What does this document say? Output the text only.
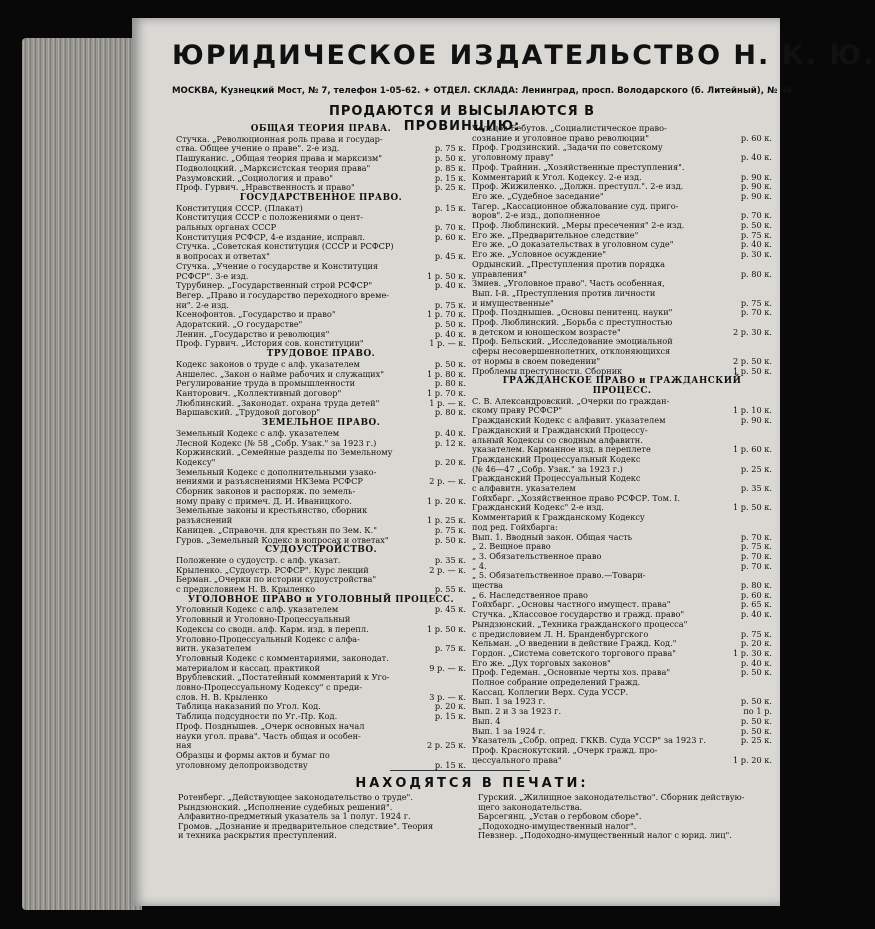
ЮРИДИЧЕСКОЕ ИЗДАТЕЛЬСТВО Н. К. Ю.
МОСКВА, Кузнецкий Мост, № 7, телефон 1-05-62. ✦ ОТДЕЛ. СКЛАДА: Ленинград, просп. Володарского (б. Литейный), № 44.
ПРОДАЮТСЯ И ВЫСЫЛАЮТСЯ В ПРОВИНЦИЮ:
ОБЩАЯ ТЕОРИЯ ПРАВА.
Стучка. „Революционная роль права и государ-
ства. Общее учение о праве". 2-е изд.	р. 75 к.
Пашуканис. „Общая теория права и марксизм"	р. 50 к.
Подволоцкий. „Марксистская теория права"	р. 85 к.
Разумовский. „Социология и право"	р. 15 к.
Проф. Гурвич. „Нравственность и право"	р. 25 к.
ГОСУДАРСТВЕННОЕ ПРАВО.
Конституция СССР. (Плакат)	р. 15 к.
Конституция СССР с положениями о цент-
ральных органах СССР	р. 70 к.
Конституция РСФСР, 4-е издание, исправл.	р. 60 к.
Стучка. „Советская конституция (СССР и РСФСР)
в вопросах и ответах"	р. 45 к.
Стучка. „Учение о государстве и Конституция
РСФСР". 3-е изд.	1 р. 50 к.
Турубинер. „Государственный строй РСФСР"	р. 40 к.
Вегер. „Право и государство переходного време-
ни". 2-е изд.	р. 75 к.
Ксенофонтов. „Государство и право"	1 р. 70 к.
Адоратский. „О государстве"	р. 50 к.
Ленин. „Государство и революция"	р. 40 к.
Проф. Гурвич. „История сов. конституции"	1 р. — к.
ТРУДОВОЕ ПРАВО.
Кодекс законов о труде с алф. указателем	р. 50 к.
Аншелес. „Закон о найме рабочих и служащих"	1 р. 80 к.
Регулирование труда в промышленности	р. 80 к.
Канторович. „Коллективный договор"	1 р. 70 к.
Люблинский. „Законодат. охрана труда детей"	1 р. — к.
Варшавский. „Трудовой договор"	р. 80 к.
ЗЕМЕЛЬНОЕ ПРАВО.
Земельный Кодекс с алф. указателем	р. 40 к.
Лесной Кодекс (№ 58 „Собр. Узак." за 1923 г.)	р. 12 к.
Коржинский. „Семейные разделы по Земельному
Кодексу"	р. 20 к.
Земельный Кодекс с дополнительными узако-
нениями и разъяснениями НКЗема РСФСР	2 р. — к.
Сборник законов и распоряж. по земель-
ному праву с примеч. Д. И. Иваницкого.	1 р. 20 к.
Земельные законы и крестьянство, сборник
разъяснений	1 р. 25 к.
Каницев. „Справочн. для крестьян по Зем. К."	р. 75 к.
Гуров. „Земельный Кодекс в вопросах и ответах"	р. 50 к.
СУДОУСТРОЙСТВО.
Положение о судоустр. с алф. указат.	р. 35 к.
Крыленко. „Судоустр. РСФСР". Курс лекций	2 р. — к.
Берман. „Очерки по истории судоустройства"
с предисловием Н. В. Крыленко	р. 55 к.
УГОЛОВНОЕ ПРАВО и УГОЛОВНЫЙ ПРОЦЕСС.
Уголовный Кодекс с алф. указателем	р. 45 к.
Уголовный и Уголовно-Процессуальный
Кодексы со сводн. алф. Карм. изд. в перепл.	1 р. 50 к.
Уголовно-Процессуальный Кодекс с алфа-
витн. указателем	р. 75 к.
Уголовный Кодекс с комментариями, законодат.
материалом и кассац. практикой	9 р. — к.
Врублевский. „Постатейный комментарий к Уго-
ловно-Процессуальному Кодексу" с преди-
слов. Н. В. Крыленко	3 р. — к.
Таблица наказаний по Угол. Код.	р. 20 к.
Таблица подсудности по Уг.-Пр. Код.	р. 15 к.
Проф. Позднышев. „Очерк основных начал
науки угол. права". Часть общая и особен-
ная	2 р. 25 к.
Образцы и формы актов и бумаг по
уголовному делопроизводству	р. 15 к.
Чельцов-Бебутов. „Социалистическое право-
сознание и уголовное право революции"	р. 60 к.
Проф. Гродзинский. „Задачи по советскому
уголовному праву"	р. 40 к.
Проф. Трайнин. „Хозяйственные преступления".
Комментарий к Угол. Кодексу. 2-е изд.	р. 90 к.
Проф. Жижиленко. „Должн. преступл.". 2-е изд.	р. 90 к.
Его же. „Судебное заседание"	р. 90 к.
Тагер. „Кассационное обжалование суд. приго-
воров". 2-е изд., дополненное	р. 70 к.
Проф. Люблинский. „Меры пресечения" 2-е изд.	р. 50 к.
Его же. „Предварительное следствие"	р. 75 к.
Его же. „О доказательствах в уголовном суде"	р. 40 к.
Его же. „Условное осуждение"	р. 30 к.
Ордынский. „Преступления против порядка
управления"	р. 80 к.
Змиев. „Уголовное право". Часть особенная,
Вып. I-й. „Преступления против личности
и имущественные"	р. 75 к.
Проф. Позднышев. „Основы пенитенц. науки"	р. 70 к.
Проф. Люблинский. „Борьба с преступностью
в детском и юношеском возрасте"	2 р. 30 к.
Проф. Бельский. „Исследование эмоциальной
сферы несовершеннолетних, отклоняющихся
от нормы в своем поведении"	2 р. 50 к.
Проблемы преступности. Сборник	1 р. 50 к.
ГРАЖДАНСКОЕ ПРАВО и ГРАЖДАНСКИЙ ПРОЦЕСС.
С. В. Александровский. „Очерки по граждан-
скому праву РСФСР"	1 р. 10 к.
Гражданский Кодекс с алфавит. указателем	р. 90 к.
Гражданский и Гражданский Процессу-
альный Кодексы со сводным алфавитн.
указателем. Карманное изд. в переплете	1 р. 60 к.
Гражданский Процессуальный Кодекс
(№ 46—47 „Собр. Узак." за 1923 г.)	р. 25 к.
Гражданский Процессуальный Кодекс
с алфавитн. указателем	р. 35 к.
Гойхбарг. „Хозяйственное право РСФСР. Том. I.
Гражданский Кодекс" 2-е изд.	1 р. 50 к.
Комментарий к Гражданскому Кодексу
под ред. Гойхбарга:
Вып. 1. Вводный закон. Общая часть	р. 70 к.
„ 2. Вещное право	р. 75 к.
„ 3. Обязательственное право	р. 70 к.
„ 4.	р. 70 к.
„ 5. Обязательственное право.—Товари-
щества	р. 80 к.
„ 6. Наследственное право	р. 60 к.
Гойхбарг. „Основы частного имущест. права"	р. 65 к.
Стучка. „Классовое государство и гражд. право"	р. 40 к.
Рындзюнский. „Техника гражданского процесса"
с предисловием Л. Н. Бранденбургского	р. 75 к.
Кельман. „О введении в действие Гражд. Код."	р. 20 к.
Гордон. „Система советского торгового права"	1 р. 30 к.
Его же. „Дух торговых законов"	р. 40 к.
Проф. Гедеман. „Основные черты хоз. права"	р. 50 к.
Полное собрание определений Гражд.
Кассац. Коллегии Верх. Суда УССР.
Вып. 1 за 1923 г.	р. 50 к.
Вып. 2 и 3 за 1923 г.	по 1 р.
Вып. 4	р. 50 к.
Вып. 1 за 1924 г.	р. 50 к.
Указатель „Собр. опред. ГККВ. Суда УССР" за 1923 г.	р. 25 к.
Проф. Краснокутский. „Очерк гражд. про-
цессуального права"	1 р. 20 к.
НАХОДЯТСЯ В ПЕЧАТИ:
Ротенберг. „Действующее законодательство о труде".
Рындзюнский. „Исполнение судебных решений".
Алфавитно-предметный указатель за 1 полуг. 1924 г.
Громов. „Дознание и предварительное следствие". Теория
и техника раскрытия преступлений.
Гурский. „Жилищное законодательство". Сборник действую-
щего законодательства.
Барсегянц. „Устав о гербовом сборе".
„Подоходно-имущественный налог".
Певзнер. „Подоходно-имущественный налог с юрид. лиц".
